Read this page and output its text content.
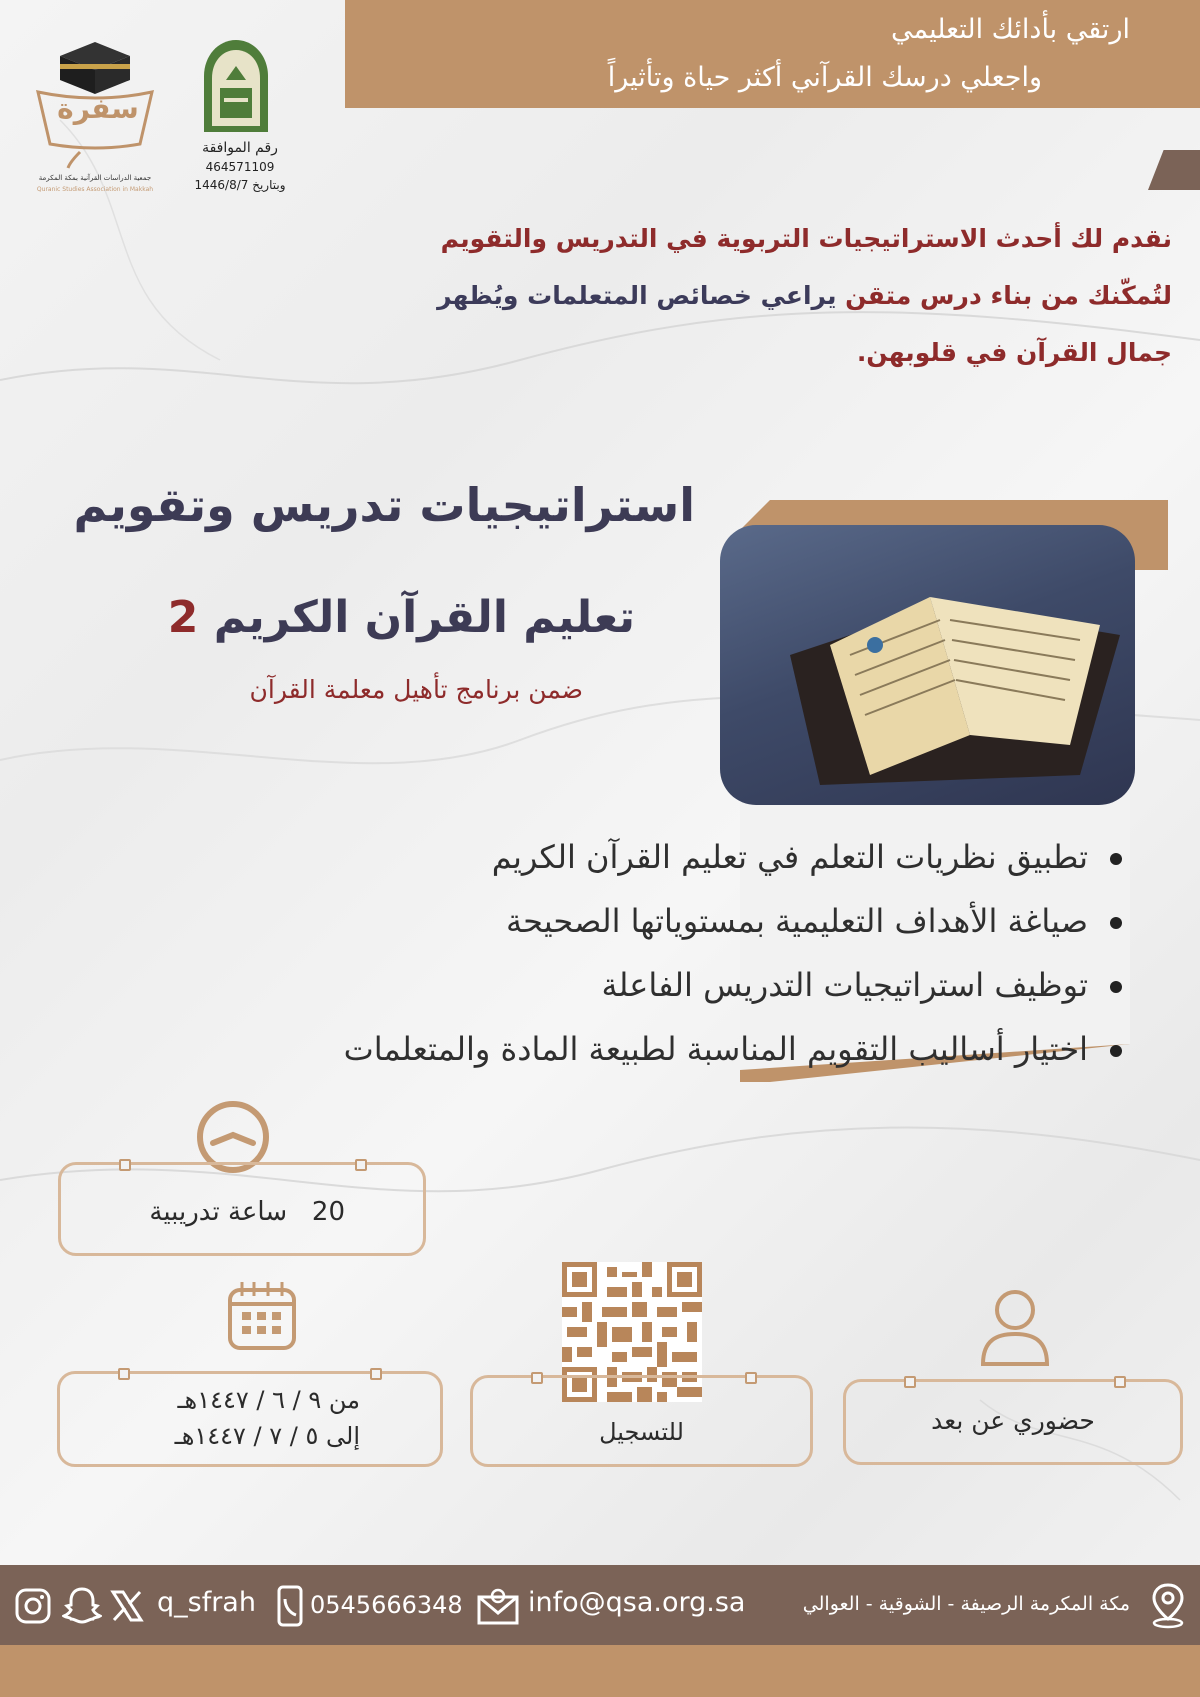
ارتقي بأدائك التعليمي
واجعلي درسك القرآني أكثر حياة وتأثيراً
سفرة
جمعية الدراسات القرآنية بمكة المكرمة
Quranic Studies Association in Makkah
رقم الموافقة
464571109
وبتاريخ 1446/8/7
نقدم لك أحدث الاستراتيجيات التربوية في التدريس والتقويم
لتُمكّنك من بناء درس متقن يراعي خصائص المتعلمات ويُظهر
جمال القرآن في قلوبهن.
استراتيجيات تدريس وتقويم
تعليم القرآن الكريم 2
ضمن برنامج تأهيل معلمة القرآن
تطبيق نظريات التعلم في تعليم القرآن الكريم
صياغة الأهداف التعليمية بمستوياتها الصحيحة
توظيف استراتيجيات التدريس الفاعلة
اختيار أساليب التقويم المناسبة لطبيعة المادة والمتعلمات
20   ساعة تدريبية
من ٩ / ٦ / ١٤٤٧هـ
إلى ٥ / ٧ / ١٤٤٧هـ	للتسجيل	حضوري عن بعد
q_sfrah 0545666348 info@qsa.org.sa	مكة المكرمة الرصيفة - الشوقية - العوالي
